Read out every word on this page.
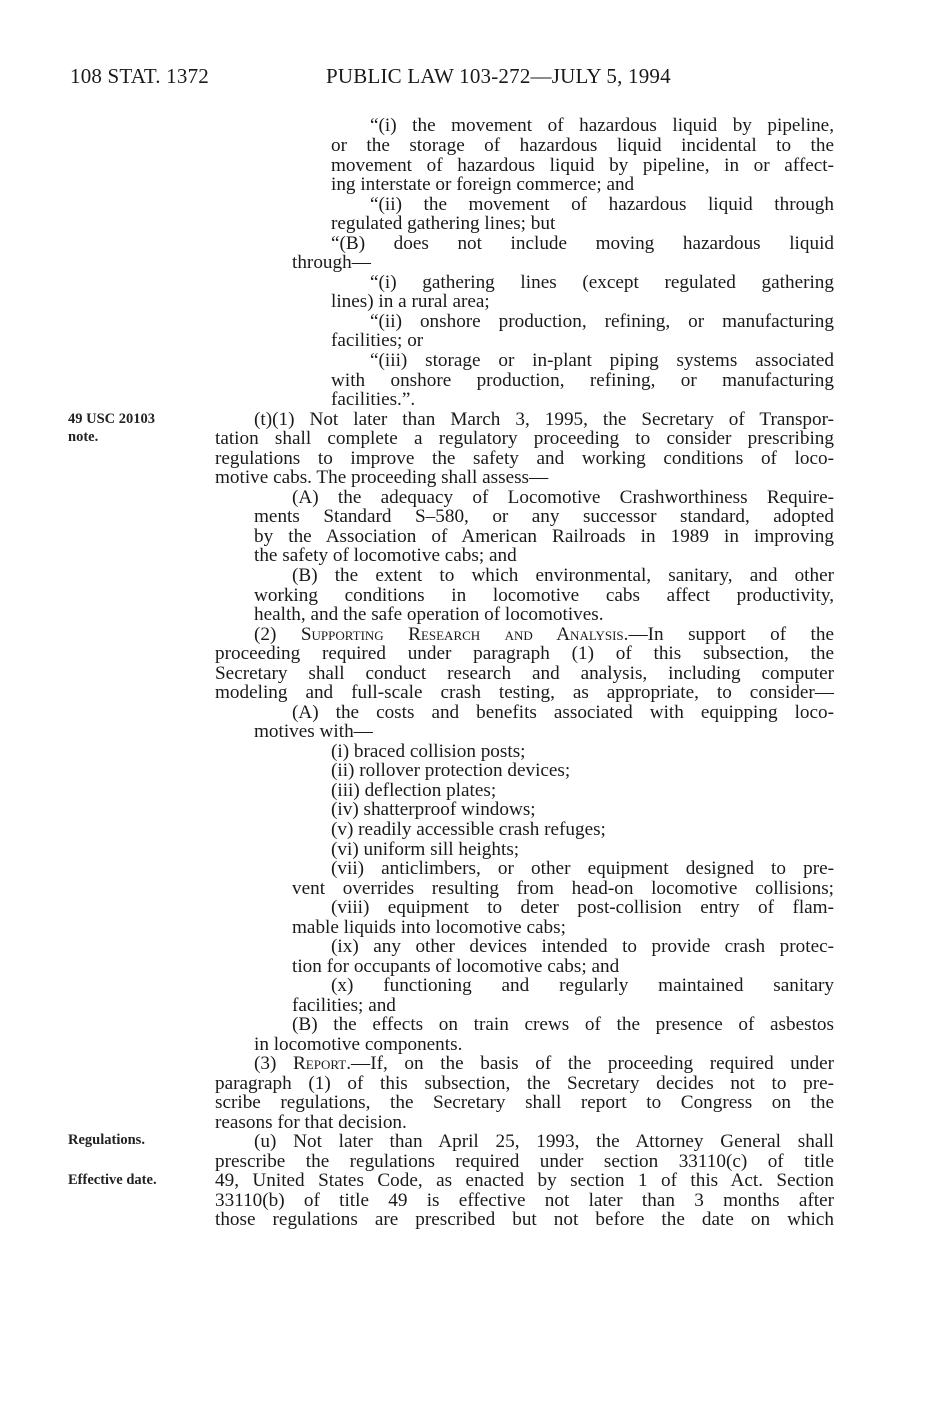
108 STAT. 1372	PUBLIC LAW 103-272—JULY 5, 1994
49 USC 20103 note.
Regulations.
Effective date.
“(i) the movement of hazardous liquid by pipeline,
or the storage of hazardous liquid incidental to the
movement of hazardous liquid by pipeline, in or affect-
ing interstate or foreign commerce; and
“(ii) the movement of hazardous liquid through
regulated gathering lines; but
“(B) does not include moving hazardous liquid
through—
“(i) gathering lines (except regulated gathering
lines) in a rural area;
“(ii) onshore production, refining, or manufacturing
facilities; or
“(iii) storage or in-plant piping systems associated
with onshore production, refining, or manufacturing
facilities.”.
(t)(1) Not later than March 3, 1995, the Secretary of Transpor-
tation shall complete a regulatory proceeding to consider prescribing
regulations to improve the safety and working conditions of loco-
motive cabs. The proceeding shall assess—
(A) the adequacy of Locomotive Crashworthiness Require-
ments Standard S–580, or any successor standard, adopted
by the Association of American Railroads in 1989 in improving
the safety of locomotive cabs; and
(B) the extent to which environmental, sanitary, and other
working conditions in locomotive cabs affect productivity,
health, and the safe operation of locomotives.
(2) Supporting Research and Analysis.—In support of the
proceeding required under paragraph (1) of this subsection, the
Secretary shall conduct research and analysis, including computer
modeling and full-scale crash testing, as appropriate, to consider—
(A) the costs and benefits associated with equipping loco-
motives with—
(i) braced collision posts;
(ii) rollover protection devices;
(iii) deflection plates;
(iv) shatterproof windows;
(v) readily accessible crash refuges;
(vi) uniform sill heights;
(vii) anticlimbers, or other equipment designed to pre-
vent overrides resulting from head-on locomotive collisions;
(viii) equipment to deter post-collision entry of flam-
mable liquids into locomotive cabs;
(ix) any other devices intended to provide crash protec-
tion for occupants of locomotive cabs; and
(x) functioning and regularly maintained sanitary
facilities; and
(B) the effects on train crews of the presence of asbestos
in locomotive components.
(3) Report.—If, on the basis of the proceeding required under
paragraph (1) of this subsection, the Secretary decides not to pre-
scribe regulations, the Secretary shall report to Congress on the
reasons for that decision.
(u) Not later than April 25, 1993, the Attorney General shall
prescribe the regulations required under section 33110(c) of title
49, United States Code, as enacted by section 1 of this Act. Section
33110(b) of title 49 is effective not later than 3 months after
those regulations are prescribed but not before the date on which
